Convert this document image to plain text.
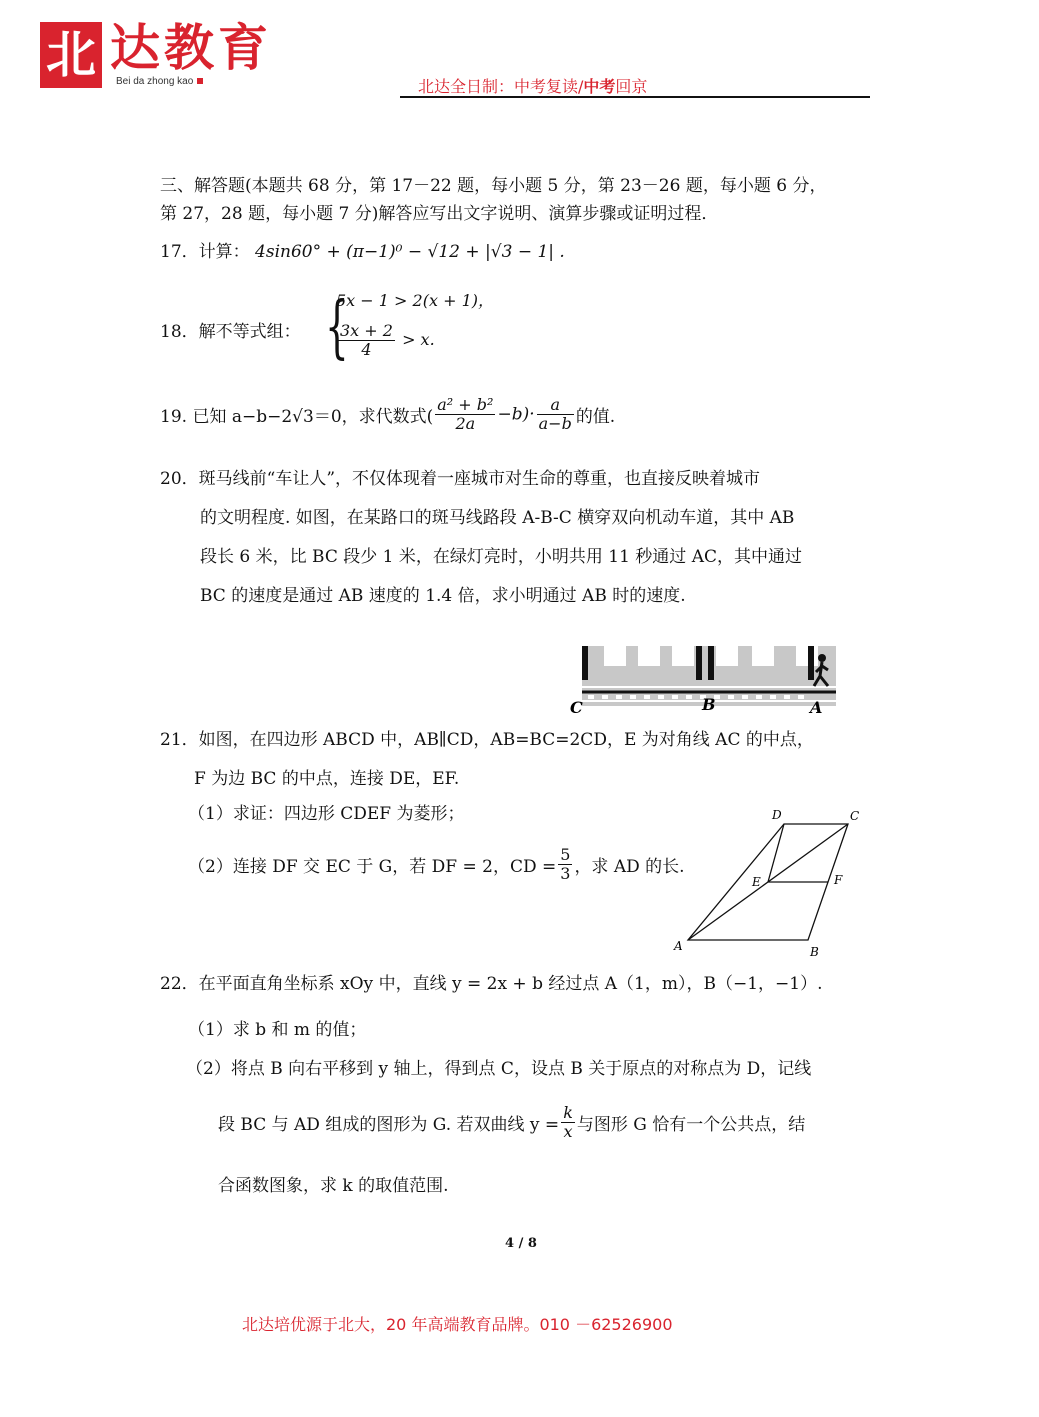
北 达教育
Bei da zhong kao	北达全日制：中考复读/中考回京
三、解答题(本题共 68 分，第 17－22 题，每小题 5 分，第 23－26 题，每小题 6 分，
第 27，28 题，每小题 7 分)解答应写出文字说明、演算步骤或证明过程．
17．计算： 4sin60° + (π−1)⁰ − √12 + |√3 − 1| .
18．解不等式组： {
5x − 1 > 2(x + 1)，
$\frac{3x + 2}{4} > x$.
19. 已知 a−b−2√3＝0，求代数式( $\frac{\text{a² + b²}}{2a} -b)\cdot \frac{a}{a-b}$ 的值.
20．斑马线前“车让人”，不仅体现着一座城市对生命的尊重，也直接反映着城市
的文明程度. 如图，在某路口的斑马线路段 A-B-C 横穿双向机动车道，其中 AB
段长 6 米，比 BC 段少 1 米，在绿灯亮时，小明共用 11 秒通过 AC，其中通过
BC 的速度是通过 AB 速度的 1.4 倍，求小明通过 AB 时的速度.
C	B	A
21．如图，在四边形 ABCD 中，AB∥CD，AB=BC=2CD，E 为对角线 AC 的中点，
F 为边 BC 的中点，连接 DE，EF.
（1）求证：四边形 CDEF 为菱形；
（2）连接 DF 交 EC 于 G，若 DF = 2，CD = $\frac{5}{3}$ ，求 AD 的长.
D	C
E	F
A	B
22．在平面直角坐标系 xOy 中，直线 y = 2x + b 经过点 A（1，m），B（−1，−1）.
（1）求 b 和 m 的值；
（2）将点 B 向右平移到 y 轴上，得到点 C，设点 B 关于原点的对称点为 D，记线
段 BC 与 AD 组成的图形为 G. 若双曲线 $y = \frac{k}{x}$ 与图形 G 恰有一个公共点，结
合函数图象，求 k 的取值范围.
4 / 8
北达培优源于北大，20 年高端教育品牌。010 －62526900
